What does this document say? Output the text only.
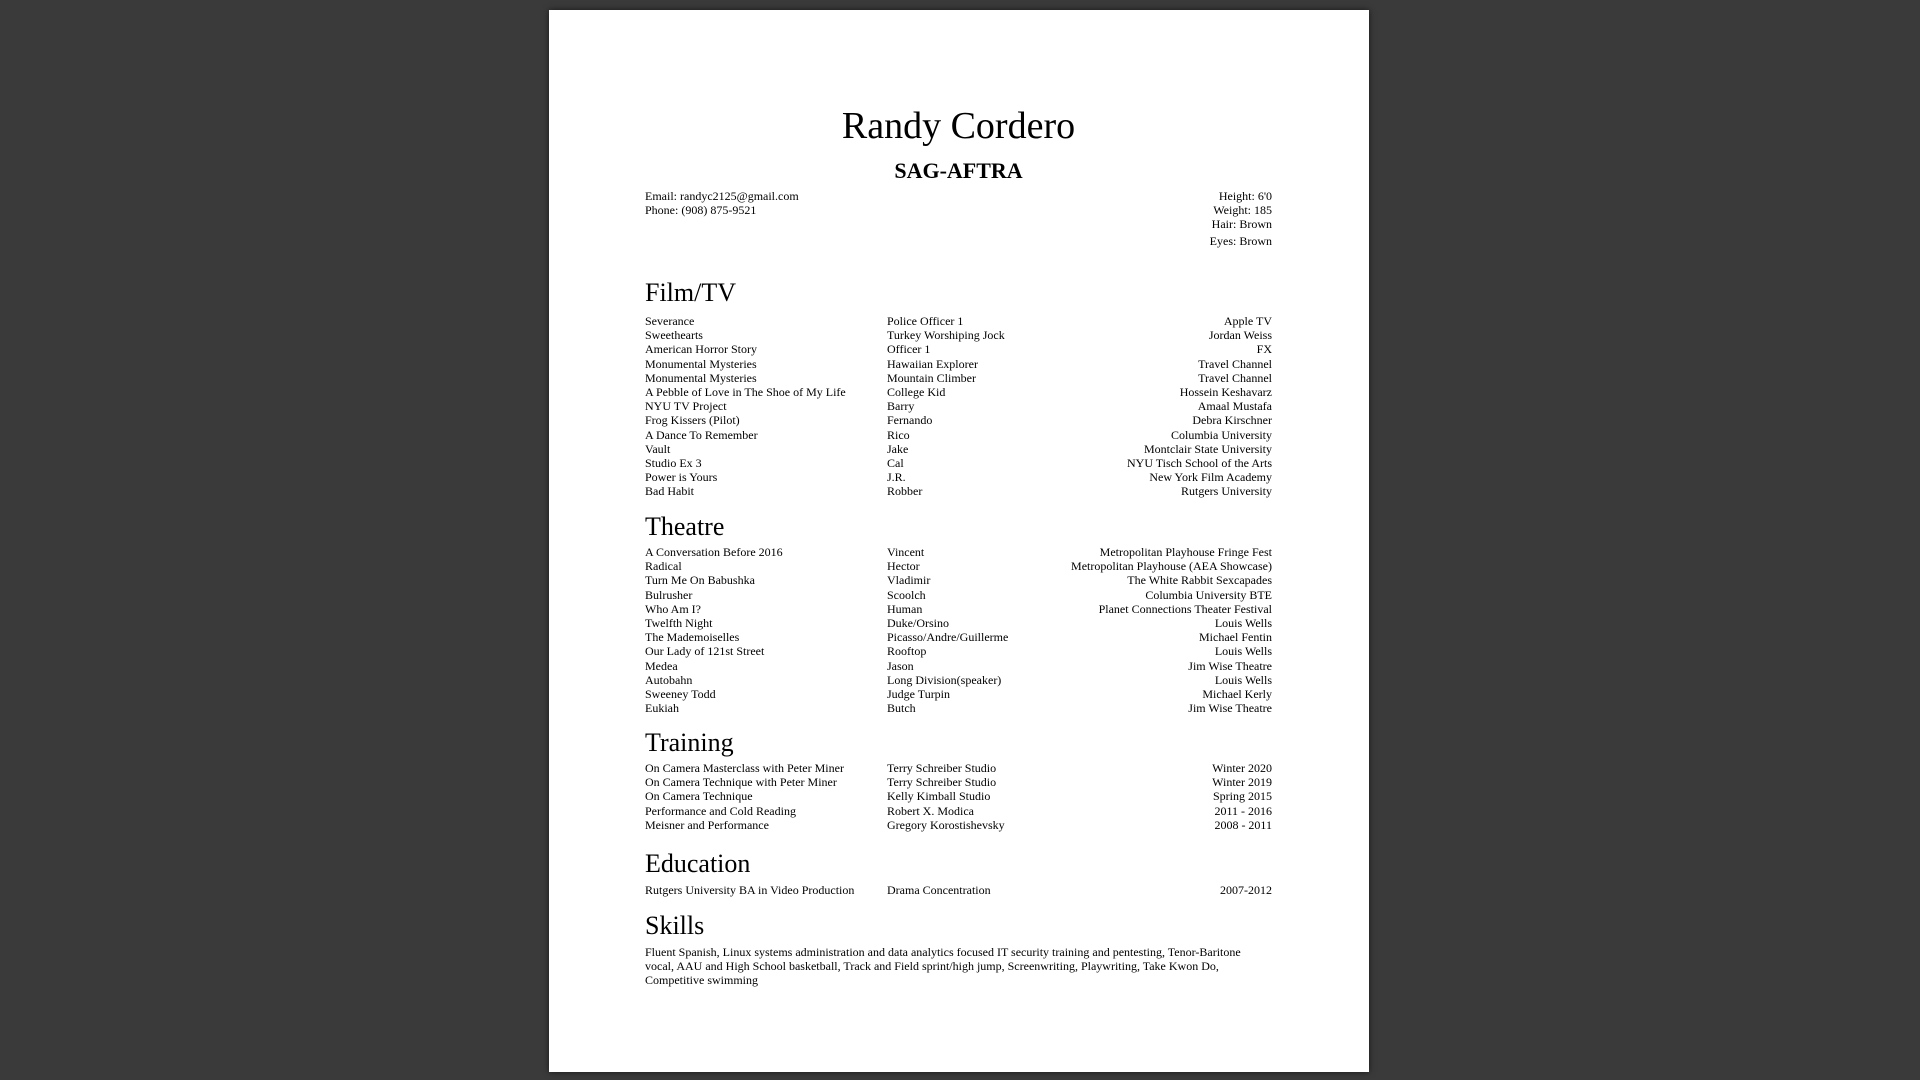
Randy Cordero
SAG-AFTRA
Email: randyc2125@gmail.com
Phone: (908) 875-9521
Height: 6'0
Weight: 185
Hair: Brown
Eyes: Brown
Film/TV
Severance	Police Officer 1	Apple TV
Sweethearts	Turkey Worshiping Jock	Jordan Weiss
American Horror Story	Officer 1	FX
Monumental Mysteries	Hawaiian Explorer	Travel Channel
Monumental Mysteries	Mountain Climber	Travel Channel
A Pebble of Love in The Shoe of My Life	College Kid	Hossein Keshavarz
NYU TV Project	Barry	Amaal Mustafa
Frog Kissers (Pilot)	Fernando	Debra Kirschner
A Dance To Remember	Rico	Columbia University
Vault	Jake	Montclair State University
Studio Ex 3	Cal	NYU Tisch School of the Arts
Power is Yours	J.R.	New York Film Academy
Bad Habit	Robber	Rutgers University
Theatre
A Conversation Before 2016	Vincent	Metropolitan Playhouse Fringe Fest
Radical	Hector	Metropolitan Playhouse (AEA Showcase)
Turn Me On Babushka	Vladimir	The White Rabbit Sexcapades
Bulrusher	Scoolch	Columbia University BTE
Who Am I?	Human	Planet Connections Theater Festival
Twelfth Night	Duke/Orsino	Louis Wells
The Mademoiselles	Picasso/Andre/Guillerme	Michael Fentin
Our Lady of 121st Street	Rooftop	Louis Wells
Medea	Jason	Jim Wise Theatre
Autobahn	Long Division(speaker)	Louis Wells
Sweeney Todd	Judge Turpin	Michael Kerly
Eukiah	Butch	Jim Wise Theatre
Training
On Camera Masterclass with Peter Miner	Terry Schreiber Studio	Winter 2020
On Camera Technique with Peter Miner	Terry Schreiber Studio	Winter 2019
On Camera Technique	Kelly Kimball Studio	Spring 2015
Performance and Cold Reading	Robert X. Modica	2011 - 2016
Meisner and Performance	Gregory Korostishevsky	2008 - 2011
Education
Rutgers University BA in Video Production	Drama Concentration	2007-2012
Skills
Fluent Spanish, Linux systems administration and data analytics focused IT security training and pentesting, Tenor-Baritone vocal, AAU and High School basketball, Track and Field sprint/high jump, Screenwriting, Playwriting, Take Kwon Do, Competitive swimming
